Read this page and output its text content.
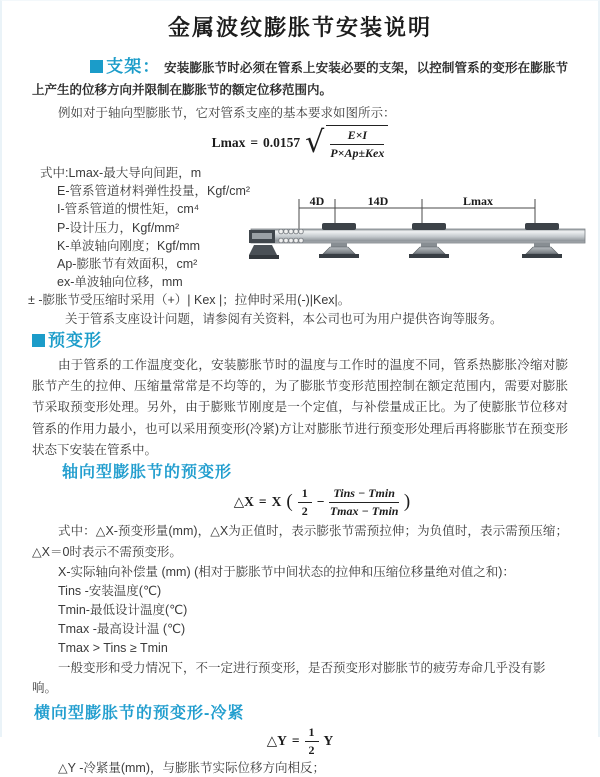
金属波纹膨胀节安装说明

支架： 安装膨胀节时必须在管系上安装必要的支架，以控制管系的变形在膨胀节上产生的位移方向并限制在膨胀节的额定位移范围内。

例如对于轴向型膨胀节，它对管系支座的基本要求如图所示：

Lmax = 0.0157 √ $\frac{E\times I}{\text{P×Ap±Kex}}$
式中:Lmax-最大导向间距，m
E-管系管道材料弹性投量，Kgf/cm²
I-管系管道的惯性矩，cm⁴
P-设计压力，Kgf/mm²
K-单波轴向刚度；Kgf/mm
Ap-膨胀节有效面积，cm²
ex-单波轴向位移，mm
± -膨胀节受压缩时采用（+）| Kex |；拉伸时采用(-)|Kex|。
关于管系支座设计问题，请参阅有关资料，本公司也可为用户提供咨询等服务。
4D	14D	Lmax

预变形

由于管系的工作温度变化，安装膨胀节时的温度与工作时的温度不同，管系热膨胀冷缩对膨胀节产生的拉伸、压缩量常常是不均等的，为了膨胀节变形范围控制在额定范围内，需要对膨胀节采取预变形处理。另外，由于膨账节刚度是一个定值，与补偿量成正比。为了使膨胀节位移对管系的作用力最小，也可以采用预变形(冷紧)方让对膨胀节进行预变形处理后再将膨胀节在预变形状态下安装在管系中。

轴向型膨胀节的预变形

△X = X ( $\frac{1}{2} - \frac{\text{Tins − Tmin}}{Tmax - Tmin}$ )

式中：△X-预变形量(mm)，△X为正值时，表示膨张节需预拉伸；为负值时，表示需预压缩；△X＝0时表示不需预变形。

X-实际轴向补偿量 (mm) (相对于膨胀节中间状态的拉伸和压缩位移量绝对值之和)：

Tins -安装温度(℃)
Tmin-最低设计温度(℃)
Tmax -最高设计温 (℃)
Tmax > Tins ≥ Tmin

一般变形和受力情况下，不一定进行预变形，是否预变形对膨胀节的疲劳寿命几乎没有影响。

横向型膨胀节的预变形-冷紧

△Y = $\frac{1}{2}$ Y

△Y -冷紧量(mm)，与膨胀节实际位移方向相反；
